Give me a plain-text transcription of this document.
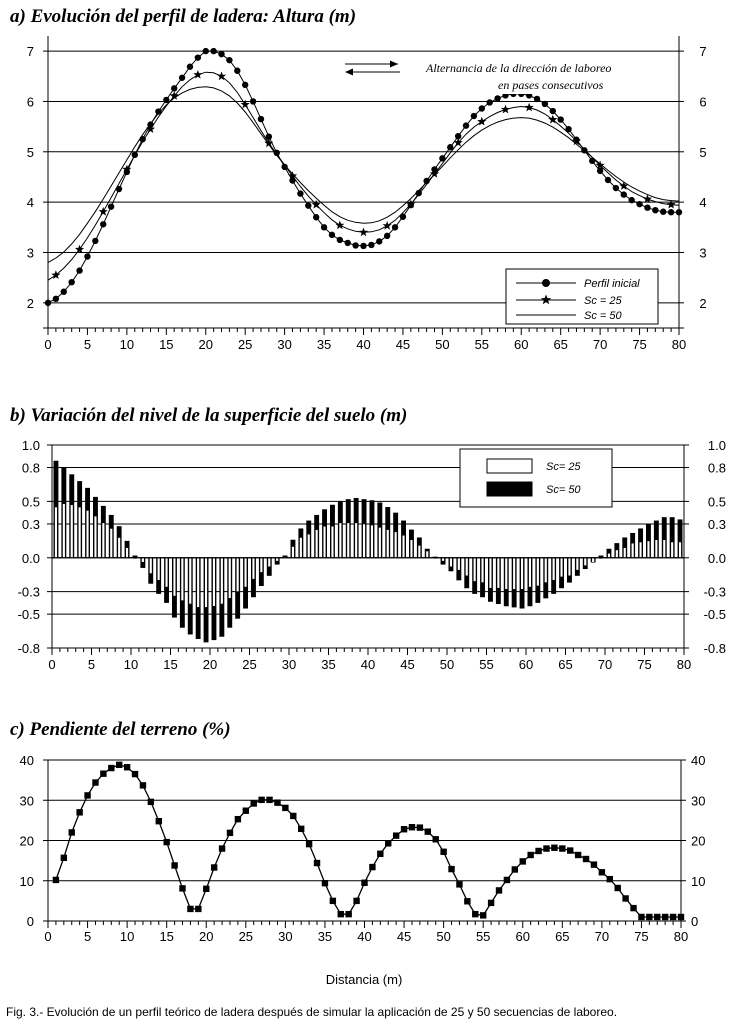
a) Evolución del perfil de ladera: Altura (m)
2	2
3	3
4	4
5	5
6	6
7	7
0 5 10 15 20 25 30 35 40 45 50 55 60 65 70 75 80
Alternancia de la dirección de laboreo
en pases consecutivos
Perfil inicial
Sc = 25
Sc = 50
b) Variación del nivel de la superficie del suelo (m)
1.0	1.0
0.8	0.8
0.5	0.5
0.3	0.3
0.0	0.0
-0.3	-0.3
-0.5	-0.5
-0.8	-0.8
0 5 10 15 20 25 30 35 40 45 50 55 60 65 70 75 80
Sc= 25
Sc= 50
c) Pendiente del terreno (%)
0	0
10	10
20	20
30	30
40	40
0 5 10 15 20 25 30 35 40 45 50 55 60 65 70 75 80
Distancia (m)
Fig. 3.- Evolución de un perfil teórico de ladera después de simular la aplicación de 25 y 50 secuencias de laboreo.
